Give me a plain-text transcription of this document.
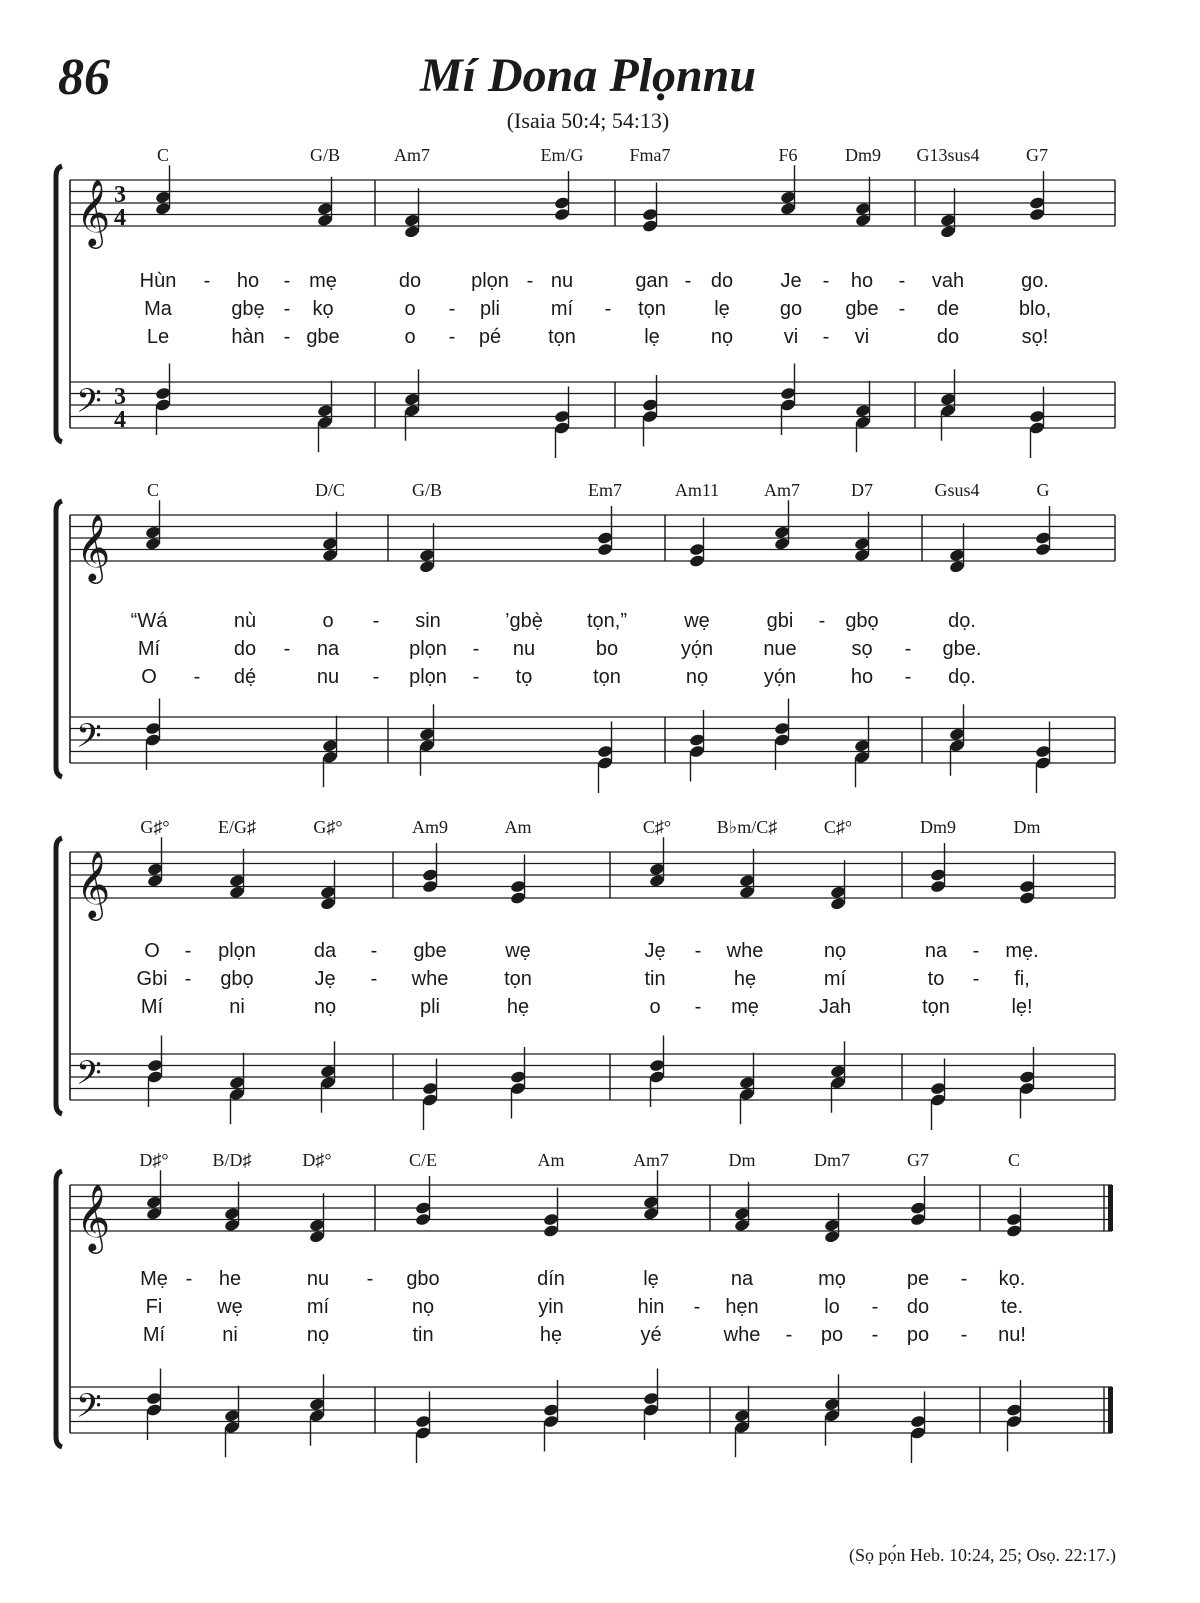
86	Mí Dona Plọnnu
(Isaia 50:4; 54:13)
𝄞
𝄢
3
4
3
4
C	G/B	Am7	Em/G	Fma7	F6	Dm9 G13sus4	G7
Hùn - ho - mẹ	do plọn - nu	gan - do Je - ho - vah	go.
Ma	gbẹ - kọ	o - pli	mí - tọn lẹ	go gbe - de	blo,
Le	hàn - gbe	o - pé tọn	lẹ	nọ	vi - vi	do	sọ!
𝄞
𝄢
C	D/C	G/B	Em7	Am11 Am7	D7	Gsus4	G
“Wá	nù	o - sin	’gbẹ̀ tọn,”	wẹ	gbi - gbọ	dọ.
Mí	do - na	plọn - nu	bo	yọ́n	nue	sọ - gbe.
O - dẹ́	nu - plọn - tọ	tọn	nọ	yọ́n	ho - dọ.
𝄞
𝄢
G♯°	E/G♯	G♯°	Am9	Am	C♯°	B♭m/C♯	C♯°	Dm9	Dm
O - plọn	da - gbe	wẹ	Jẹ - whe	nọ	na - mẹ.
Gbi - gbọ	Jẹ - whe	tọn	tin	hẹ	mí	to - fi,
Mí	ni	nọ	pli	hẹ	o - mẹ	Jah	tọn	lẹ!
𝄞
𝄢
D♯° B/D♯	D♯°	C/E	Am	Am7	Dm	Dm7	G7	C
Mẹ - he	nu - gbo	dín	lẹ	na	mọ	pe - kọ.
Fi	wẹ	mí	nọ	yin	hin - hẹn	lo - do	te.
Mí	ni	nọ	tin	hẹ	yé	whe - po - po - nu!
(Sọ pọ́n Heb. 10:24, 25; Osọ. 22:17.)
